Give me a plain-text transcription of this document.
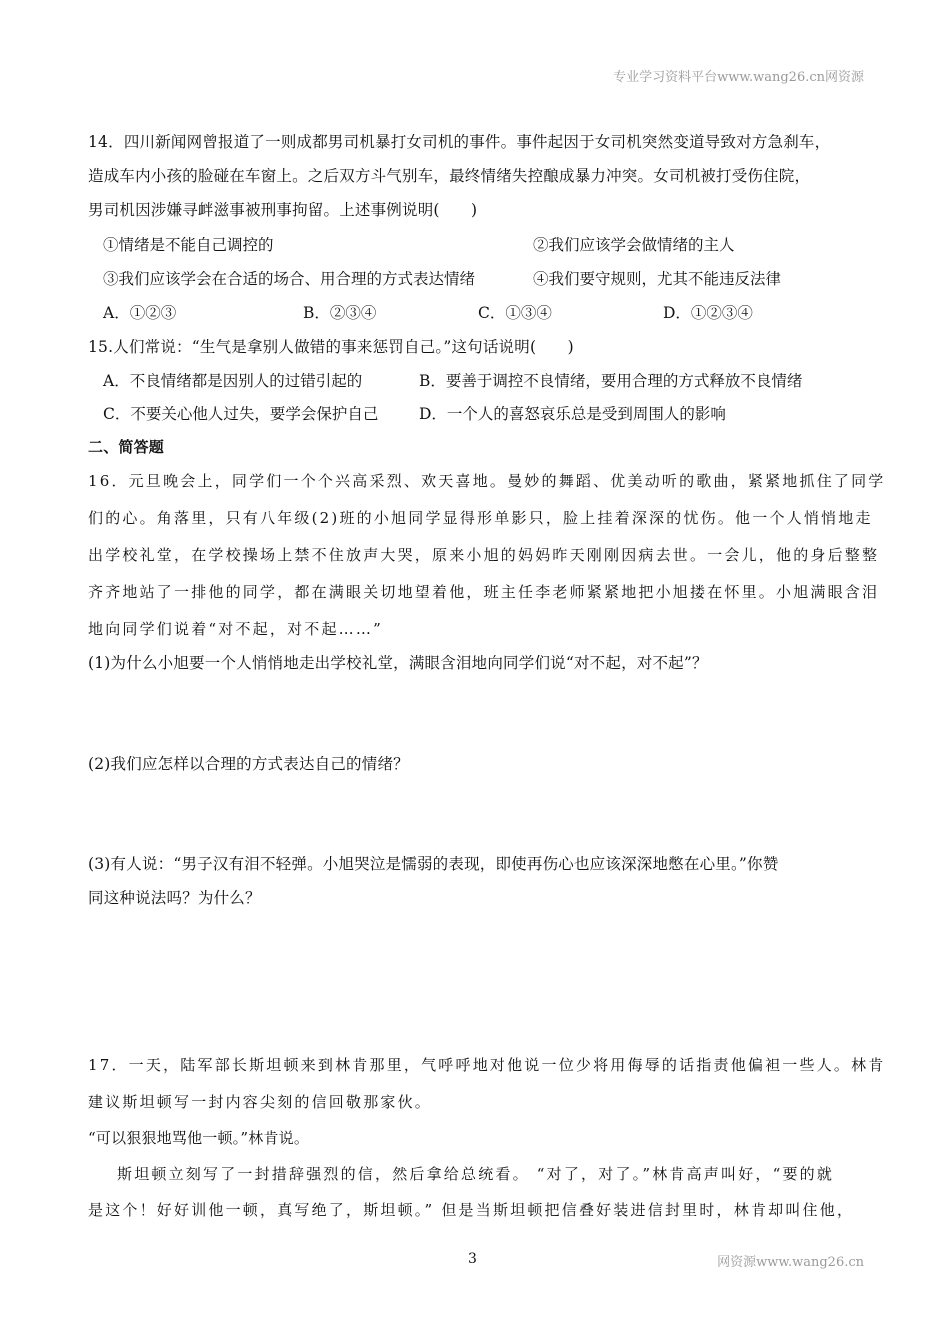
专业学习资料平台www.wang26.cn网资源
14．四川新闻网曾报道了一则成都男司机暴打女司机的事件。事件起因于女司机突然变道导致对方急刹车，
造成车内小孩的脸碰在车窗上。之后双方斗气别车，最终情绪失控酿成暴力冲突。女司机被打受伤住院，
男司机因涉嫌寻衅滋事被刑事拘留。上述事例说明(　　)
①情绪是不能自己调控的	②我们应该学会做情绪的主人
③我们应该学会在合适的场合、用合理的方式表达情绪	④我们要守规则，尤其不能违反法律
A．①②③	B．②③④	C．①③④	D．①②③④
15.人们常说：“生气是拿别人做错的事来惩罚自己。”这句话说明(　　)
A．不良情绪都是因别人的过错引起的	B．要善于调控不良情绪，要用合理的方式释放不良情绪
C．不要关心他人过失，要学会保护自己	D．一个人的喜怒哀乐总是受到周围人的影响
二、简答题
16．元旦晚会上，同学们一个个兴高采烈、欢天喜地。曼妙的舞蹈、优美动听的歌曲，紧紧地抓住了同学
们的心。角落里，只有八年级(2)班的小旭同学显得形单影只，脸上挂着深深的忧伤。他一个人悄悄地走
出学校礼堂，在学校操场上禁不住放声大哭，原来小旭的妈妈昨天刚刚因病去世。一会儿，他的身后整整
齐齐地站了一排他的同学，都在满眼关切地望着他，班主任李老师紧紧地把小旭搂在怀里。小旭满眼含泪
地向同学们说着“对不起，对不起……”
(1)为什么小旭要一个人悄悄地走出学校礼堂，满眼含泪地向同学们说“对不起，对不起”？
(2)我们应怎样以合理的方式表达自己的情绪？
(3)有人说：“男子汉有泪不轻弹。小旭哭泣是懦弱的表现，即使再伤心也应该深深地憋在心里。”你赞
同这种说法吗？为什么？
17．一天，陆军部长斯坦顿来到林肯那里，气呼呼地对他说一位少将用侮辱的话指责他偏袒一些人。林肯
建议斯坦顿写一封内容尖刻的信回敬那家伙。
“可以狠狠地骂他一顿。”林肯说。
斯坦顿立刻写了一封措辞强烈的信，然后拿给总统看。 “对了，对了。”林肯高声叫好，“要的就
是这个！好好训他一顿，真写绝了，斯坦顿。” 但是当斯坦顿把信叠好装进信封里时，林肯却叫住他，
3	网资源www.wang26.cn
